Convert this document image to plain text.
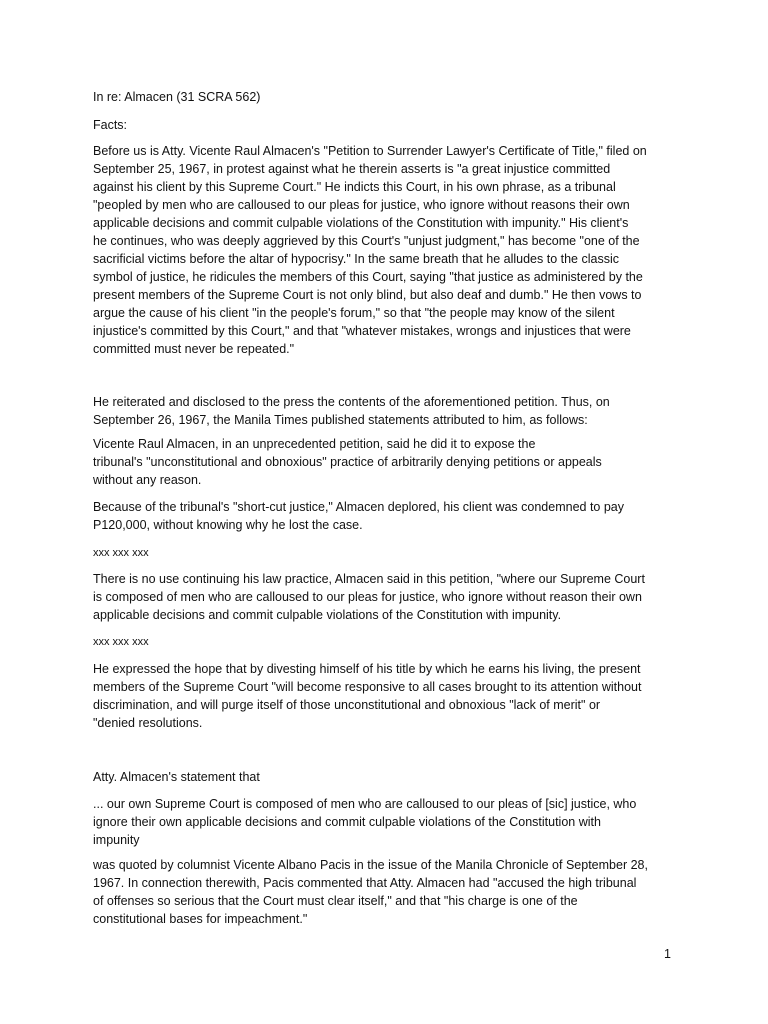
In re: Almacen (31 SCRA 562)

Facts:

Before us is Atty. Vicente Raul Almacen's "Petition to Surrender Lawyer's Certificate of Title," filed on
September 25, 1967, in protest against what he therein asserts is "a great injustice committed
against his client by this Supreme Court." He indicts this Court, in his own phrase, as a tribunal
"peopled by men who are calloused to our pleas for justice, who ignore without reasons their own
applicable decisions and commit culpable violations of the Constitution with impunity." His client's
he continues, who was deeply aggrieved by this Court's "unjust judgment," has become "one of the
sacrificial victims before the altar of hypocrisy." In the same breath that he alludes to the classic
symbol of justice, he ridicules the members of this Court, saying "that justice as administered by the
present members of the Supreme Court is not only blind, but also deaf and dumb." He then vows to
argue the cause of his client "in the people's forum," so that "the people may know of the silent
injustice's committed by this Court," and that "whatever mistakes, wrongs and injustices that were
committed must never be repeated."

He reiterated and disclosed to the press the contents of the aforementioned petition. Thus, on
September 26, 1967, the Manila Times published statements attributed to him, as follows:

Vicente Raul Almacen, in an unprecedented petition, said he did it to expose the
tribunal's "unconstitutional and obnoxious" practice of arbitrarily denying petitions or appeals
without any reason.

Because of the tribunal's "short-cut justice," Almacen deplored, his client was condemned to pay
P120,000, without knowing why he lost the case.

xxx xxx xxx

There is no use continuing his law practice, Almacen said in this petition, "where our Supreme Court
is composed of men who are calloused to our pleas for justice, who ignore without reason their own
applicable decisions and commit culpable violations of the Constitution with impunity.

xxx xxx xxx

He expressed the hope that by divesting himself of his title by which he earns his living, the present
members of the Supreme Court "will become responsive to all cases brought to its attention without
discrimination, and will purge itself of those unconstitutional and obnoxious "lack of merit" or
"denied resolutions.

Atty. Almacen's statement that

... our own Supreme Court is composed of men who are calloused to our pleas of [sic] justice, who
ignore their own applicable decisions and commit culpable violations of the Constitution with
impunity

was quoted by columnist Vicente Albano Pacis in the issue of the Manila Chronicle of September 28,
1967. In connection therewith, Pacis commented that Atty. Almacen had "accused the high tribunal
of offenses so serious that the Court must clear itself," and that "his charge is one of the
constitutional bases for impeachment."

1
